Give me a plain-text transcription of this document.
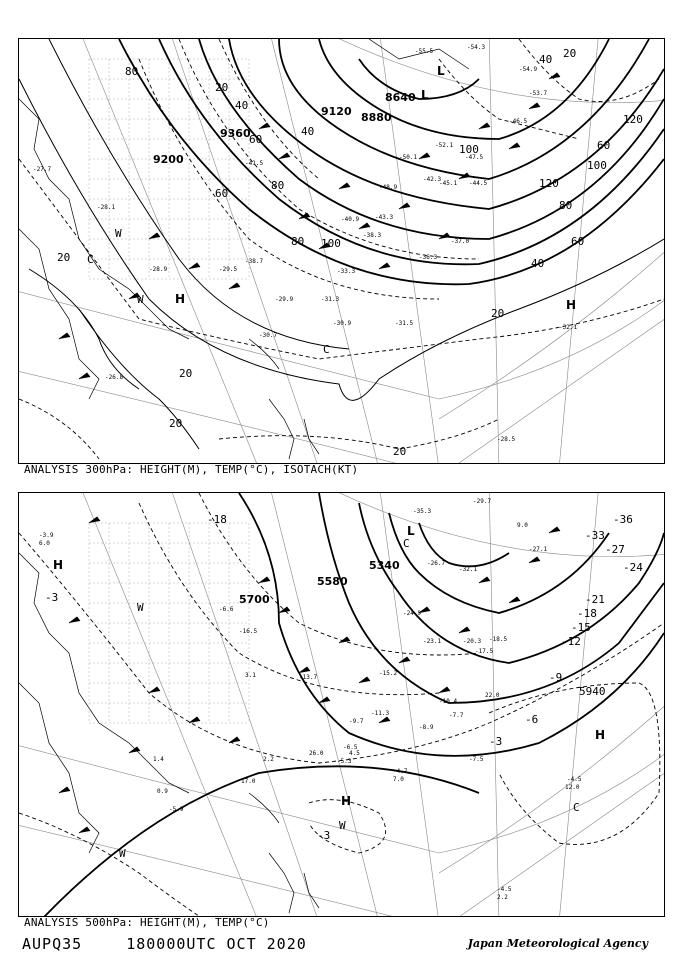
9360
9200
9120 8880
8640
80
20
40
60
80 100
120
100
120
80
60
40
20
20
20
20
20
40
60
80
100	60
40 20
-27.7
-28.1
-28.9	-29.5
-30.7
-31.5
-32.1
-33.3
-36.3
-38.3
-40.9	-43.3
-45.1
-47.5
-48.9
-50.1
-52.1
-54.3
-55.5
-28.5
-30.9
-31.3
-29.9
-37.0
-38.7
-41.5
-42.3
-44.5
-46.5
-53.7
-54.9
-26.8
H	H
L
L
W
W
C
C
ANALYSIS 300hPa: HEIGHT(M), TEMP(°C), ISOTACH(KT)
5700
5580
5340
5940
-18
-3
-3
-33
-36
-27
-24
-21
-18
-15
-12
-9
-6
-3
-3.9
6.0
-4.5
-6.6
-7.5
-9.7
-11.3
-15.2
-17.5
-18.5
-20.3
-23.1
-24.9
-26.7
-27.1
-29.7
-32.1
-35.3
-4.7
-5.3
-7.7
12.0
17.0
2.2
-4.5
2.2
1.4
0.9
-6.5
-8.9
-10.4
-13.7
-16.5
-5.9
7.0
9.0
22.0
26.0
3.1
4.5
H
H
H
L
C
W
W
C
W
ANALYSIS 500hPa: HEIGHT(M), TEMP(°C)
AUPQ35	180000UTC OCT 2020	Japan Meteorological Agency
